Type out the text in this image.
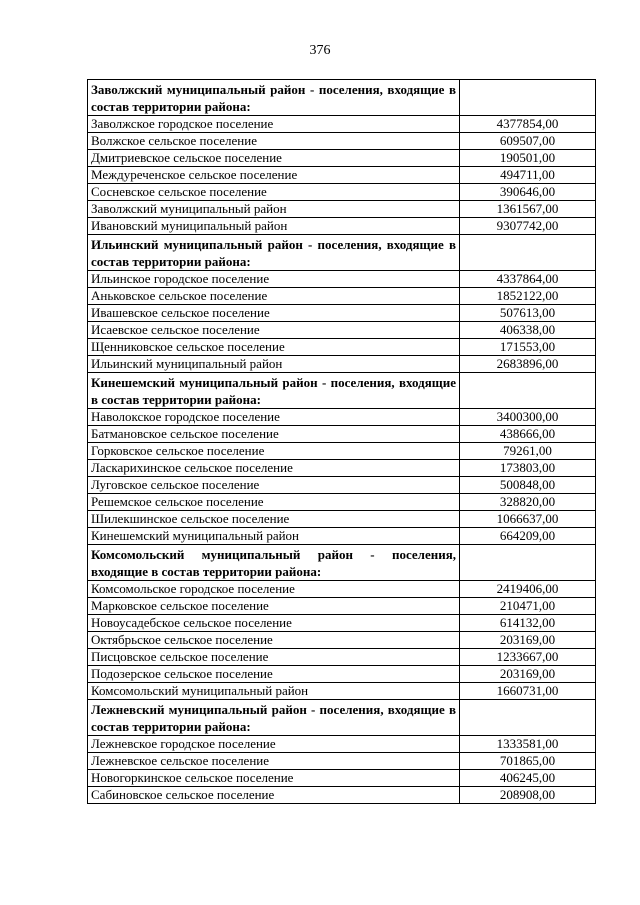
376
Заволжский муниципальный район - поселения, входящие в состав территории района:	
Заволжское городское поселение	4377854,00
Волжское сельское поселение	609507,00
Дмитриевское сельское поселение	190501,00
Междуреченское сельское поселение	494711,00
Сосневское сельское поселение	390646,00
Заволжский муниципальный район	1361567,00
Ивановский муниципальный район	9307742,00
Ильинский муниципальный район - поселения, входящие в состав территории района:	
Ильинское городское поселение	4337864,00
Аньковское сельское поселение	1852122,00
Ивашевское сельское поселение	507613,00
Исаевское сельское поселение	406338,00
Щенниковское сельское поселение	171553,00
Ильинский муниципальный район	2683896,00
Кинешемский муниципальный район - поселения, входящие в состав территории района:	
Наволокское городское поселение	3400300,00
Батмановское сельское поселение	438666,00
Горковское сельское поселение	79261,00
Ласкарихинское сельское поселение	173803,00
Луговское сельское поселение	500848,00
Решемское сельское поселение	328820,00
Шилекшинское сельское поселение	1066637,00
Кинешемский муниципальный район	664209,00
Комсомольский муниципальный район - поселения, входящие в состав территории района:	
Комсомольское городское поселение	2419406,00
Марковское сельское поселение	210471,00
Новоусадебское сельское поселение	614132,00
Октябрьское сельское поселение	203169,00
Писцовское сельское поселение	1233667,00
Подозерское сельское поселение	203169,00
Комсомольский муниципальный район	1660731,00
Лежневский муниципальный район - поселения, входящие в состав территории района:	
Лежневское городское поселение	1333581,00
Лежневское сельское поселение	701865,00
Новогоркинское сельское поселение	406245,00
Сабиновское сельское поселение	208908,00
